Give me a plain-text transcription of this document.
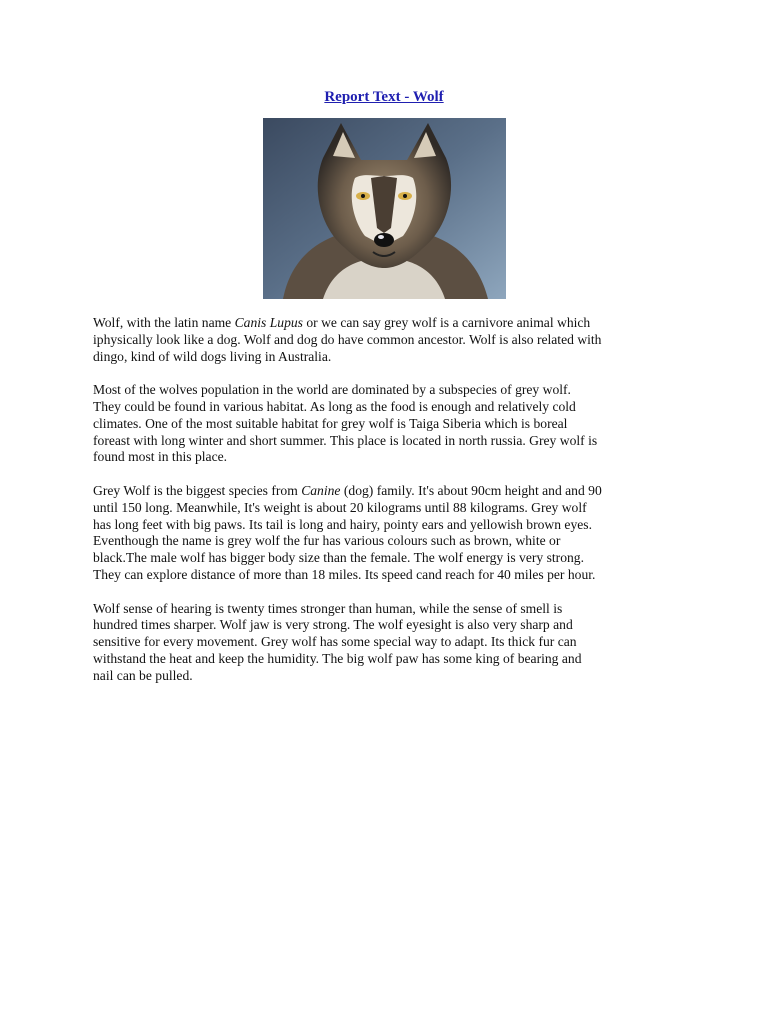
Report Text - Wolf

Wolf, with the latin name Canis Lupus or we can say grey wolf is a carnivore animal which
iphysically look like a dog. Wolf and dog do have common ancestor. Wolf is also related with
dingo, kind of wild dogs living in Australia.

Most of the wolves population in the world are dominated by a subspecies of grey wolf.
They could be found in various habitat. As long as the food is enough and relatively cold
climates. One of the most suitable habitat for grey wolf is Taiga Siberia which is boreal
foreast with long winter and short summer. This place is located in north russia. Grey wolf is
found most in this place.

Grey Wolf is the biggest species from Canine (dog) family. It's about 90cm height and and 90
until 150 long. Meanwhile, It's weight is about 20 kilograms until 88 kilograms. Grey wolf
has long feet with big paws. Its tail is long and hairy, pointy ears and yellowish brown eyes.
Eventhough the name is grey wolf the fur has various colours such as brown, white or
black.The male wolf has bigger body size than the female. The wolf energy is very strong.
They can explore distance of more than 18 miles. Its speed cand reach for 40 miles per hour.

Wolf sense of hearing is twenty times stronger than human, while the sense of smell is
hundred times sharper. Wolf jaw is very strong. The wolf eyesight is also very sharp and
sensitive for every movement. Grey wolf has some special way to adapt. Its thick fur can
withstand the heat and keep the humidity. The big wolf paw has some king of bearing and
nail can be pulled.
